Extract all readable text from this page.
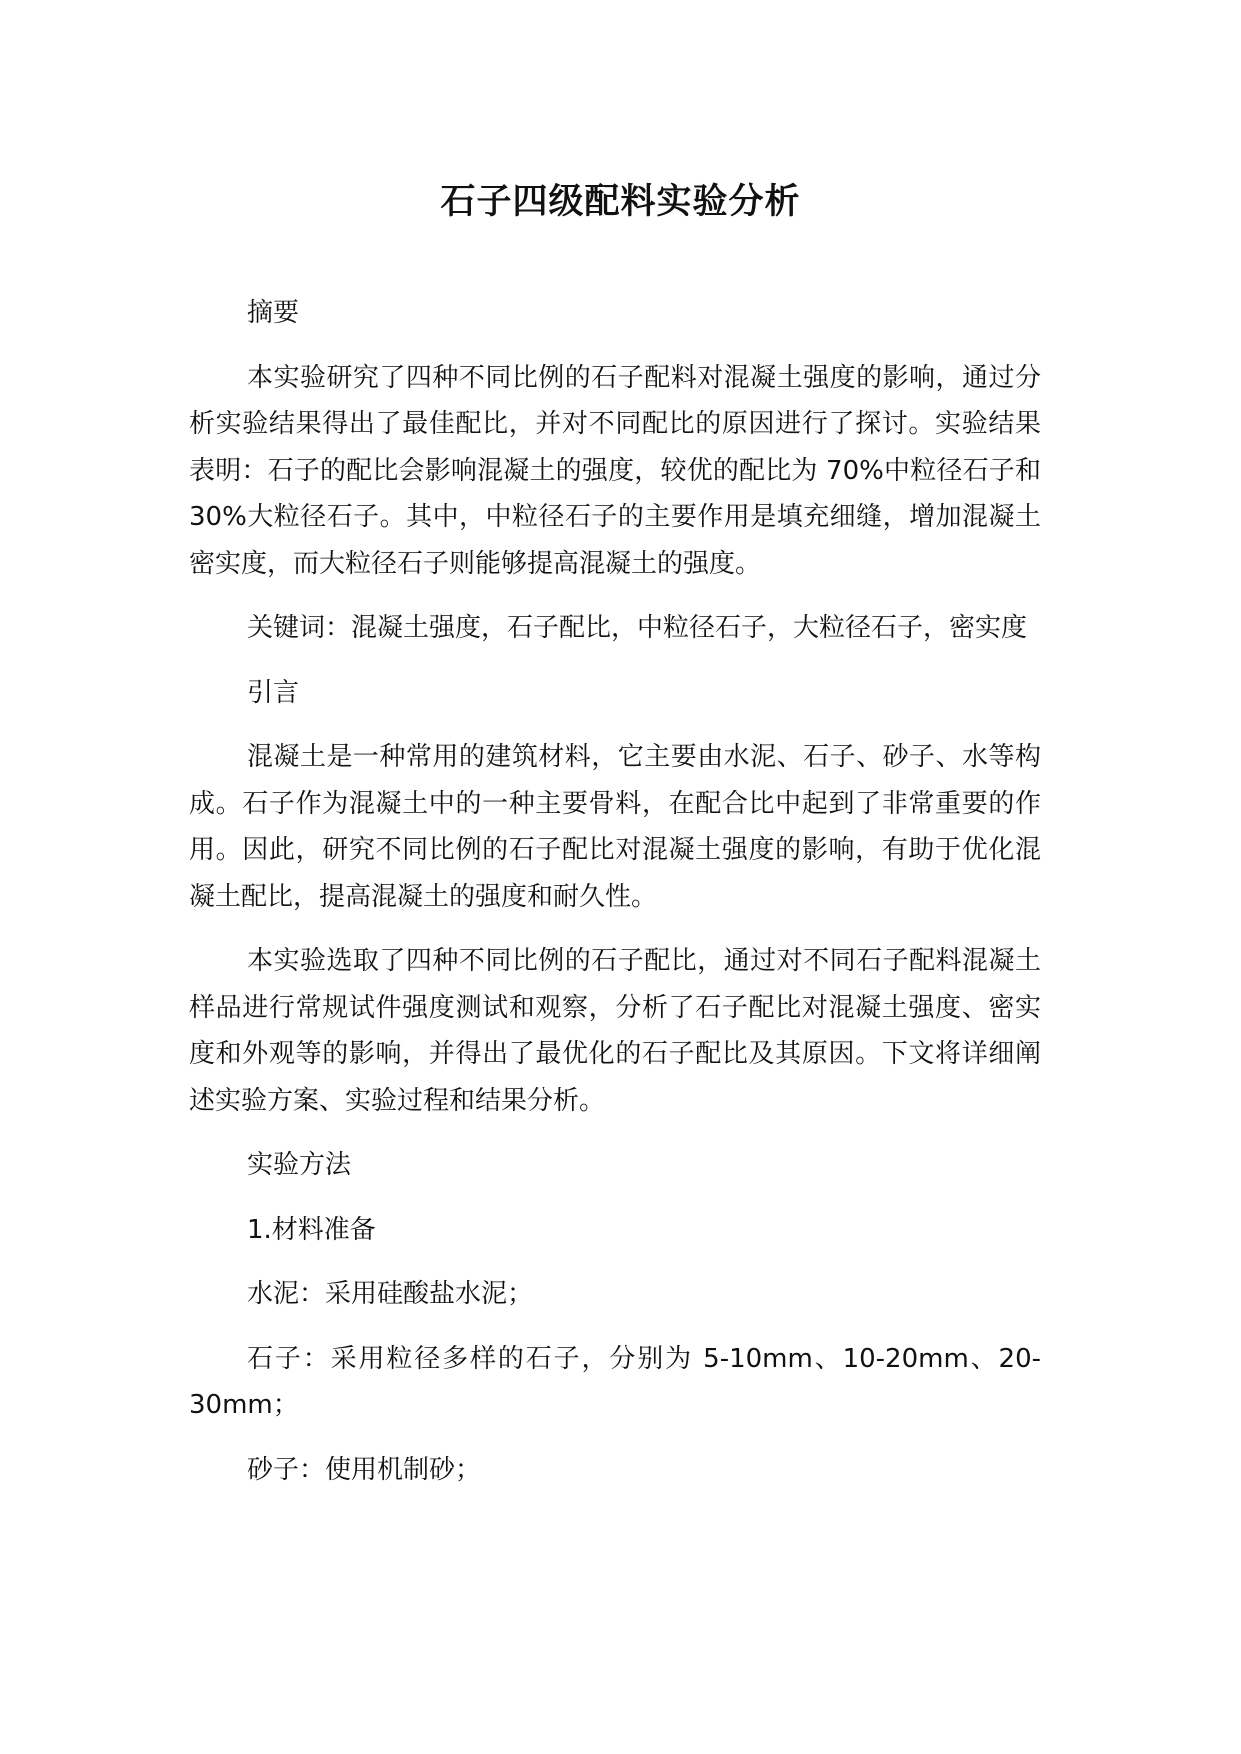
石子四级配料实验分析

摘要

本实验研究了四种不同比例的石子配料对混凝土强度的影响，通过分析实验结果得出了最佳配比，并对不同配比的原因进行了探讨。实验结果表明：石子的配比会影响混凝土的强度，较优的配比为 70%中粒径石子和 30%大粒径石子。其中，中粒径石子的主要作用是填充细缝，增加混凝土密实度，而大粒径石子则能够提高混凝土的强度。

关键词：混凝土强度，石子配比，中粒径石子，大粒径石子，密实度

引言

混凝土是一种常用的建筑材料，它主要由水泥、石子、砂子、水等构成。石子作为混凝土中的一种主要骨料，在配合比中起到了非常重要的作用。因此，研究不同比例的石子配比对混凝土强度的影响，有助于优化混凝土配比，提高混凝土的强度和耐久性。

本实验选取了四种不同比例的石子配比，通过对不同石子配料混凝土样品进行常规试件强度测试和观察，分析了石子配比对混凝土强度、密实度和外观等的影响，并得出了最优化的石子配比及其原因。下文将详细阐述实验方案、实验过程和结果分析。

实验方法

1.材料准备

水泥：采用硅酸盐水泥；

石子：采用粒径多样的石子，分别为 5-10mm、10-20mm、20-30mm；

砂子：使用机制砂；
